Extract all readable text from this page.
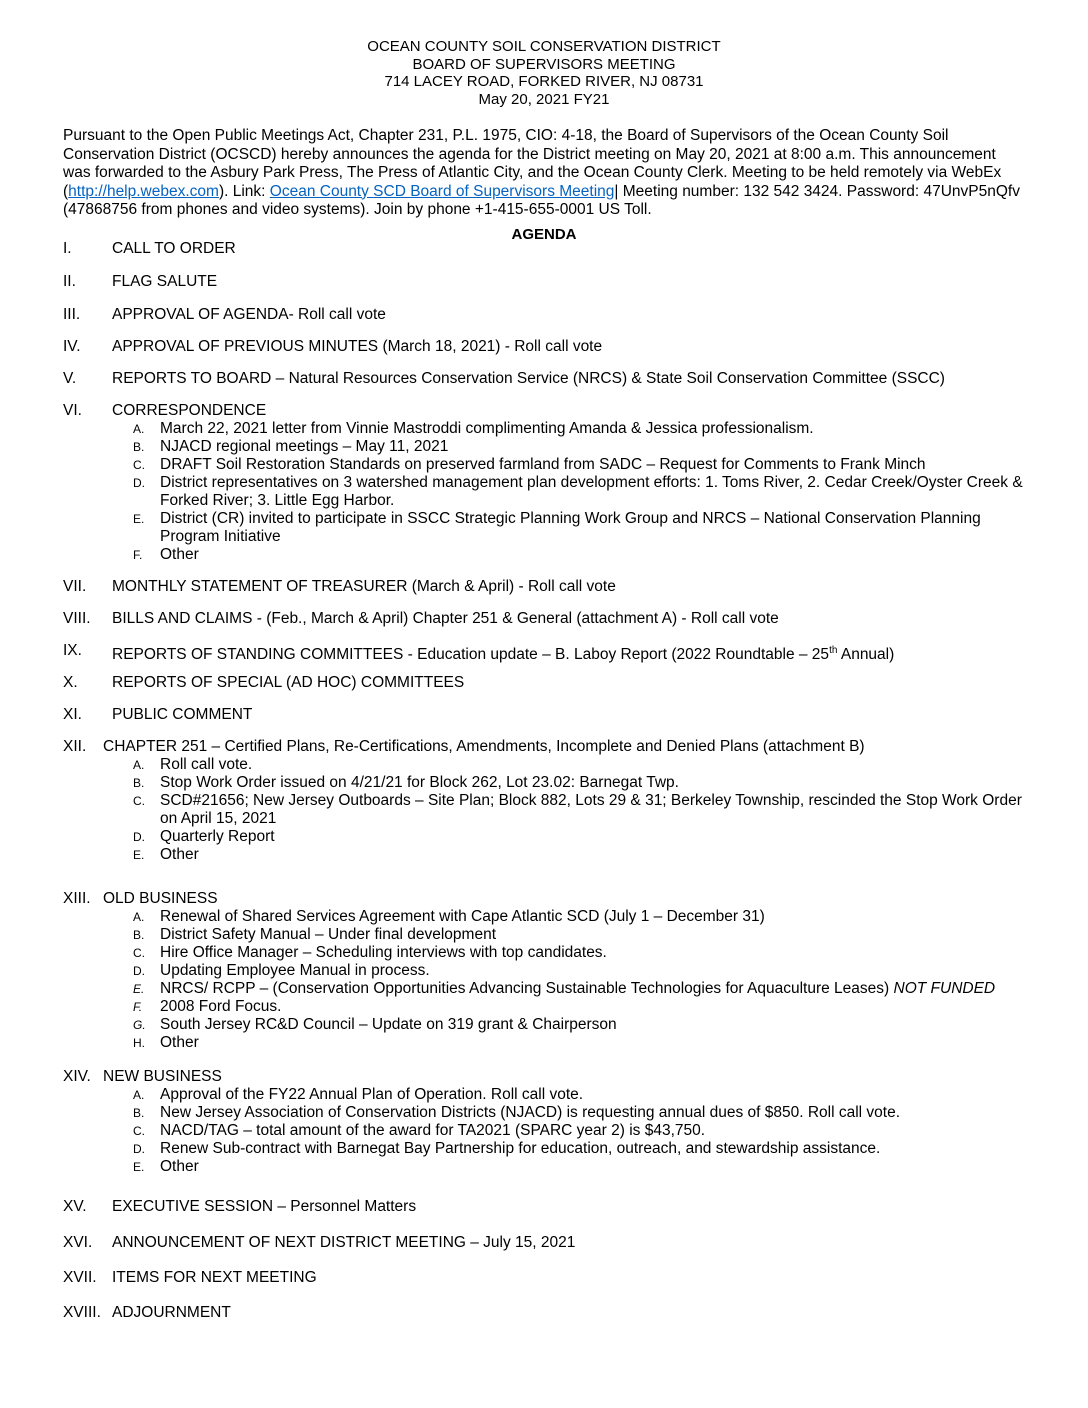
OCEAN COUNTY SOIL CONSERVATION DISTRICT
BOARD OF SUPERVISORS MEETING
714 LACEY ROAD, FORKED RIVER, NJ 08731
May 20, 2021 FY21
Pursuant to the Open Public Meetings Act, Chapter 231, P.L. 1975, CIO: 4-18, the Board of Supervisors of the Ocean County Soil Conservation District (OCSCD) hereby announces the agenda for the District meeting on May 20, 2021 at 8:00 a.m. This announcement was forwarded to the Asbury Park Press, The Press of Atlantic City, and the Ocean County Clerk. Meeting to be held remotely via WebEx (http://help.webex.com). Link: Ocean County SCD Board of Supervisors Meeting| Meeting number: 132 542 3424. Password: 47UnvP5nQfv (47868756 from phones and video systems). Join by phone +1-415-655-0001 US Toll.
AGENDA
I.	CALL TO ORDER
II.	FLAG SALUTE
III.	APPROVAL OF AGENDA- Roll call vote
IV.	APPROVAL OF PREVIOUS MINUTES (March 18, 2021) - Roll call vote
V.	REPORTS TO BOARD – Natural Resources Conservation Service (NRCS) & State Soil Conservation Committee (SSCC)
VI.	CORRESPONDENCE
A.	March 22, 2021 letter from Vinnie Mastroddi complimenting Amanda & Jessica professionalism.
B.	NJACD regional meetings – May 11, 2021
C. DRAFT Soil Restoration Standards on preserved farmland from SADC – Request for Comments to Frank Minch
D. District representatives on 3 watershed management plan development efforts: 1. Toms River, 2. Cedar Creek/Oyster Creek & Forked River; 3. Little Egg Harbor.
E.	District (CR) invited to participate in SSCC Strategic Planning Work Group and NRCS – National Conservation Planning Program Initiative
F.	Other
VII.	MONTHLY STATEMENT OF TREASURER (March & April) - Roll call vote
VIII.	BILLS AND CLAIMS - (Feb., March & April) Chapter 251 & General (attachment A) - Roll call vote
IX.	REPORTS OF STANDING COMMITTEES - Education update – B. Laboy Report (2022 Roundtable – 25th Annual)
X.	REPORTS OF SPECIAL (AD HOC) COMMITTEES
XI.	PUBLIC COMMENT
XII.	CHAPTER 251 – Certified Plans, Re-Certifications, Amendments, Incomplete and Denied Plans (attachment B)
A.	Roll call vote.
B.	Stop Work Order issued on 4/21/21 for Block 262, Lot 23.02: Barnegat Twp.
C. SCD#21656; New Jersey Outboards – Site Plan; Block 882, Lots 29 & 31; Berkeley Township, rescinded the Stop Work Order on April 15, 2021
D. Quarterly Report
E.	Other
XIII. OLD BUSINESS
A.	Renewal of Shared Services Agreement with Cape Atlantic SCD (July 1 – December 31)
B.	District Safety Manual – Under final development
C. Hire Office Manager – Scheduling interviews with top candidates.
D. Updating Employee Manual in process.
E.	NRCS/ RCPP – (Conservation Opportunities Advancing Sustainable Technologies for Aquaculture Leases) NOT FUNDED
F.	2008 Ford Focus.
G. South Jersey RC&D Council – Update on 319 grant & Chairperson
H. Other
XIV. NEW BUSINESS
A.	Approval of the FY22 Annual Plan of Operation. Roll call vote.
B.	New Jersey Association of Conservation Districts (NJACD) is requesting annual dues of $850. Roll call vote.
C. NACD/TAG – total amount of the award for TA2021 (SPARC year 2) is $43,750.
D. Renew Sub-contract with Barnegat Bay Partnership for education, outreach, and stewardship assistance.
E.	Other
XV.	EXECUTIVE SESSION – Personnel Matters
XVI.	ANNOUNCEMENT OF NEXT DISTRICT MEETING – July 15, 2021
XVII. ITEMS FOR NEXT MEETING
XVIII. ADJOURNMENT
